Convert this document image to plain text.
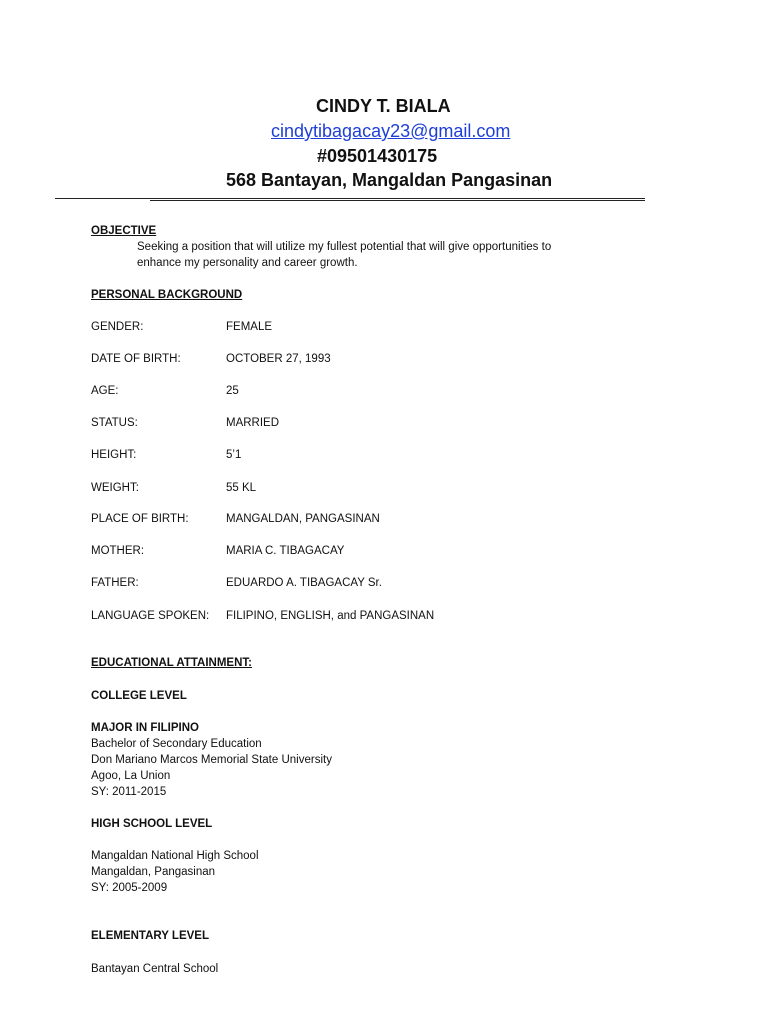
CINDY T. BIALA
cindytibagacay23@gmail.com
#09501430175
568 Bantayan, Mangaldan Pangasinan
OBJECTIVE
Seeking a position that will utilize my fullest potential that will give opportunities to
enhance my personality and career growth.
PERSONAL BACKGROUND
GENDER:	FEMALE
DATE OF BIRTH:	OCTOBER 27, 1993
AGE:	25
STATUS:	MARRIED
HEIGHT:	5’1
WEIGHT:	55 KL
PLACE OF BIRTH:	MANGALDAN, PANGASINAN
MOTHER:	MARIA C. TIBAGACAY
FATHER:	EDUARDO A. TIBAGACAY Sr.
LANGUAGE SPOKEN: FILIPINO, ENGLISH, and PANGASINAN
EDUCATIONAL ATTAINMENT:
COLLEGE LEVEL
MAJOR IN FILIPINO
Bachelor of Secondary Education
Don Mariano Marcos Memorial State University
Agoo, La Union
SY: 2011-2015
HIGH SCHOOL LEVEL
Mangaldan National High School
Mangaldan, Pangasinan
SY: 2005-2009
ELEMENTARY LEVEL
Bantayan Central School
